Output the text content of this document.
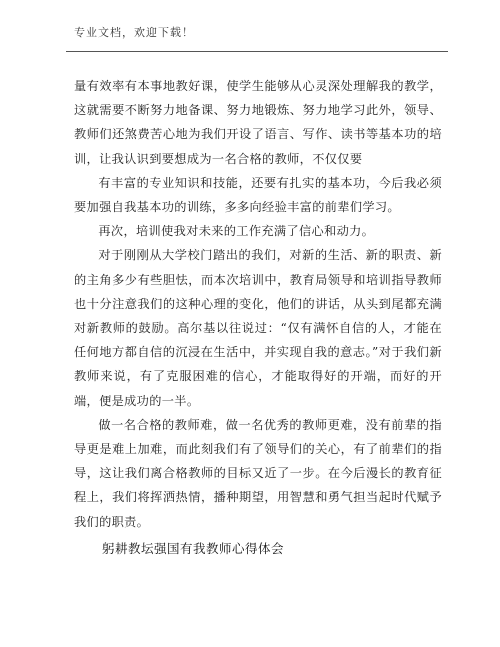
专业文档，欢迎下载！

量有效率有本事地教好课，使学生能够从心灵深处理解我的教学，这就需要不断努力地备课、努力地锻炼、努力地学习此外，领导、教师们还煞费苦心地为我们开设了语言、写作、读书等基本功的培训，让我认识到要想成为一名合格的教师，不仅仅要

有丰富的专业知识和技能，还要有扎实的基本功，今后我必须要加强自我基本功的训练，多多向经验丰富的前辈们学习。

再次，培训使我对未来的工作充满了信心和动力。

对于刚刚从大学校门踏出的我们，对新的生活、新的职责、新的主角多少有些胆怯，而本次培训中，教育局领导和培训指导教师也十分注意我们的这种心理的变化，他们的讲话，从头到尾都充满对新教师的鼓励。高尔基以往说过：“仅有满怀自信的人，才能在任何地方都自信的沉浸在生活中，并实现自我的意志。”对于我们新教师来说，有了克服困难的信心，才能取得好的开端，而好的开端，便是成功的一半。

做一名合格的教师难，做一名优秀的教师更难，没有前辈的指导更是难上加难，而此刻我们有了领导们的关心，有了前辈们的指导，这让我们离合格教师的目标又近了一步。在今后漫长的教育征程上，我们将挥洒热情，播种期望，用智慧和勇气担当起时代赋予我们的职责。

躬耕教坛强国有我教师心得体会
